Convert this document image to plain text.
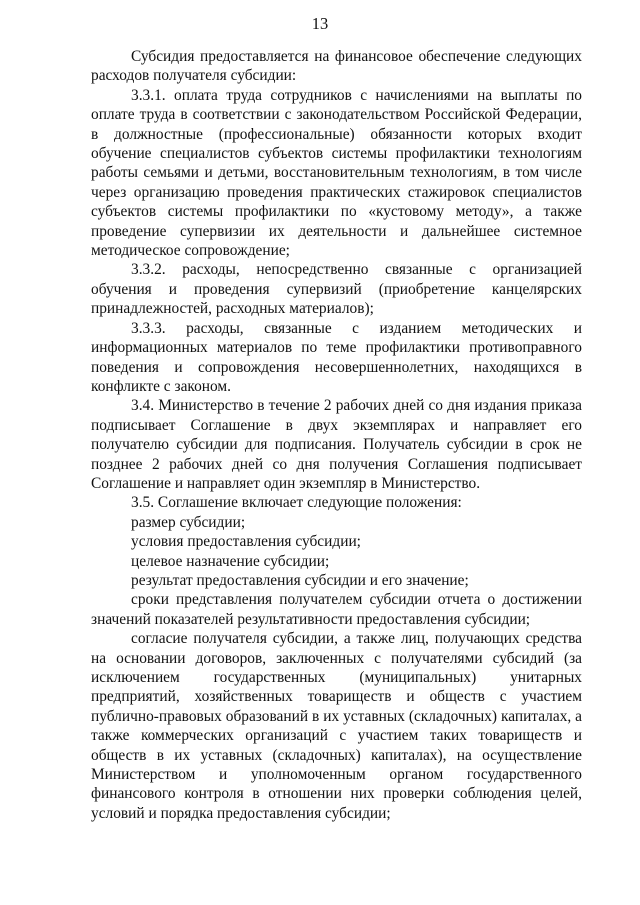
13

Субсидия предоставляется на финансовое обеспечение следующих расходов получателя субсидии:

3.3.1. оплата труда сотрудников с начислениями на выплаты по оплате труда в соответствии с законодательством Российской Федерации, в должностные (профессиональные) обязанности которых входит обучение специалистов субъектов системы профилактики технологиям работы семьями и детьми, восстановительным технологиям, в том числе через организацию проведения практических стажировок специалистов субъектов системы профилактики по «кустовому методу», а также проведение супервизии их деятельности и дальнейшее системное методическое сопровождение;

3.3.2. расходы, непосредственно связанные с организацией обучения и проведения супервизий (приобретение канцелярских принадлежностей, расходных материалов);

3.3.3. расходы, связанные с изданием методических и информационных материалов по теме профилактики противоправного поведения и сопровождения несовершеннолетних, находящихся в конфликте с законом.

3.4. Министерство в течение 2 рабочих дней со дня издания приказа подписывает Соглашение в двух экземплярах и направляет его получателю субсидии для подписания. Получатель субсидии в срок не позднее 2 рабочих дней со дня получения Соглашения подписывает Соглашение и направляет один экземпляр в Министерство.

3.5. Соглашение включает следующие положения:

размер субсидии;

условия предоставления субсидии;

целевое назначение субсидии;

результат предоставления субсидии и его значение;

сроки представления получателем субсидии отчета о достижении значений показателей результативности предоставления субсидии;

согласие получателя субсидии, а также лиц, получающих средства на основании договоров, заключенных с получателями субсидий (за исключением государственных (муниципальных) унитарных предприятий, хозяйственных товариществ и обществ с участием публично-правовых образований в их уставных (складочных) капиталах, а также коммерческих организаций с участием таких товариществ и обществ в их уставных (складочных) капиталах), на осуществление Министерством и уполномоченным органом государственного финансового контроля в отношении них проверки соблюдения целей, условий и порядка предоставления субсидии;
